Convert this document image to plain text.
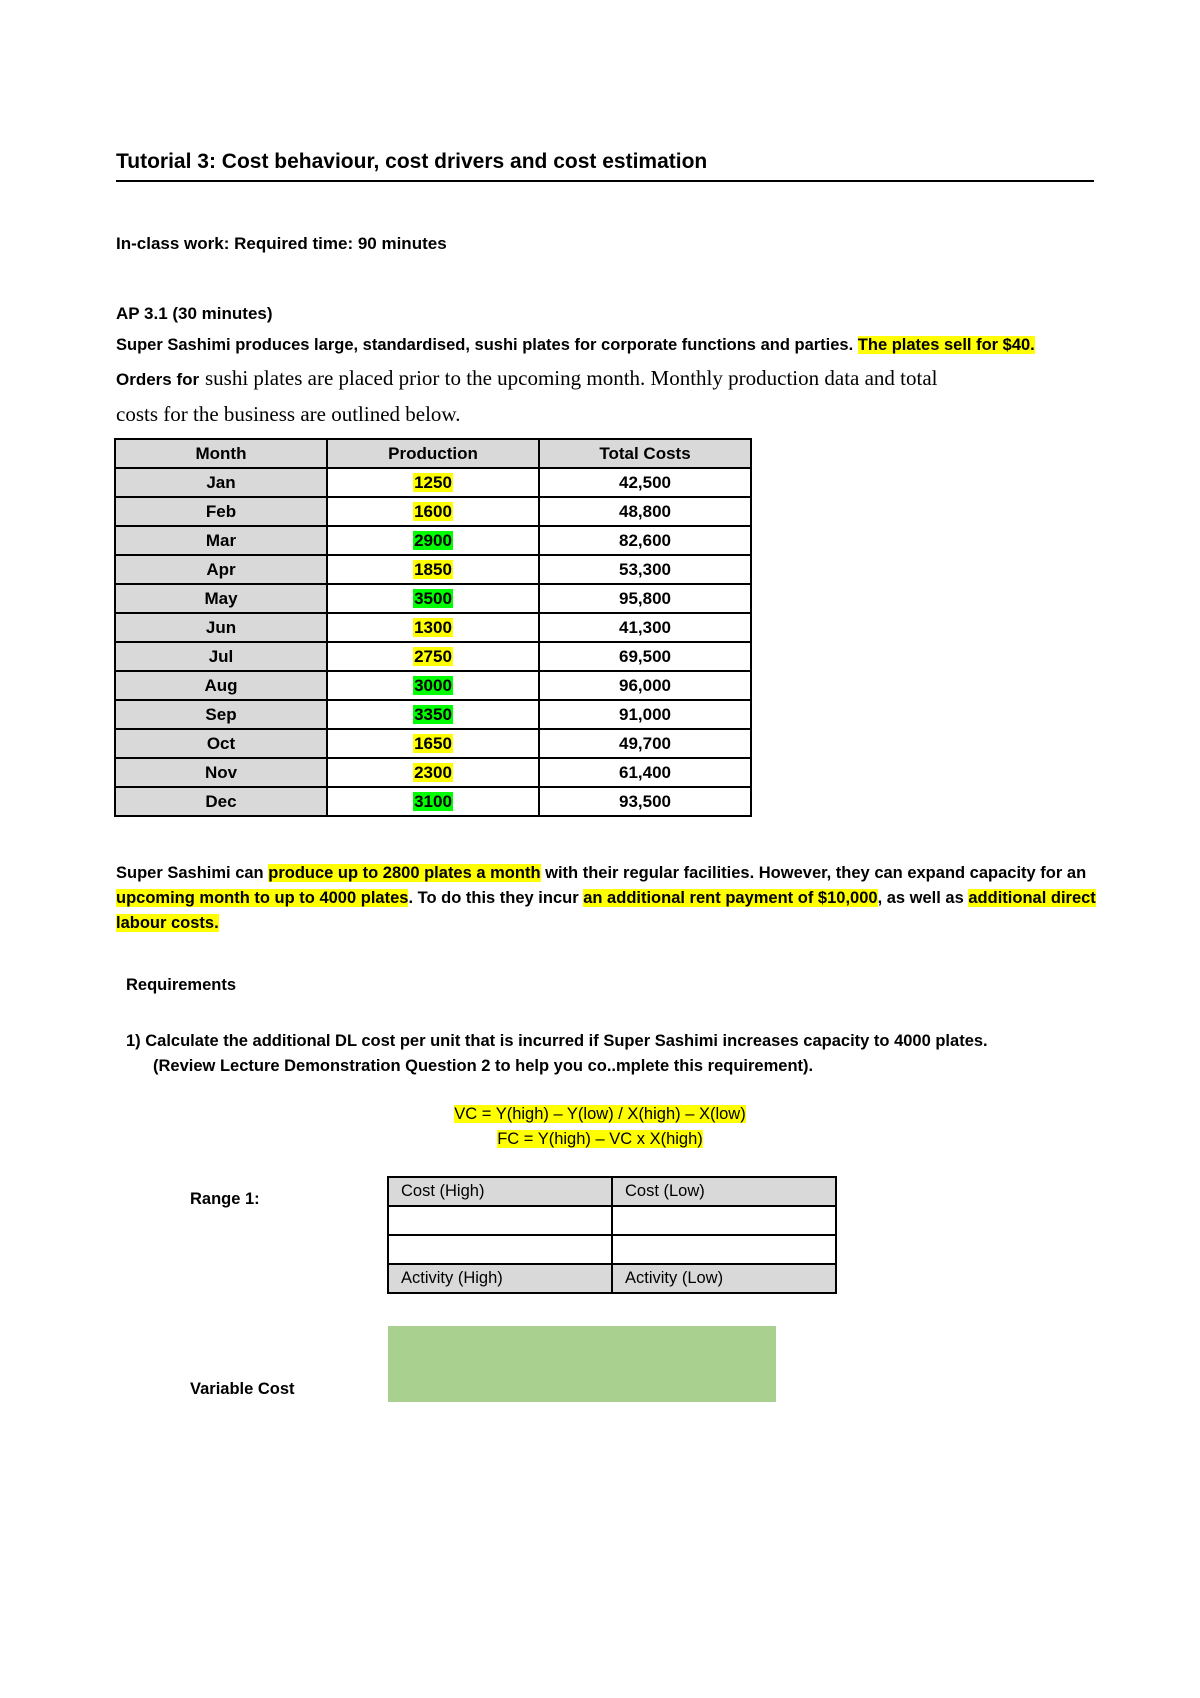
Tutorial 3: Cost behaviour, cost drivers and cost estimation
In-class work: Required time: 90 minutes
AP 3.1 (30 minutes)
Super Sashimi produces large, standardised, sushi plates for corporate functions and parties. The plates sell for $40.
Orders for sushi plates are placed prior to the upcoming month. Monthly production data and total
costs for the business are outlined below.
Month	Production	Total Costs
Jan	1250	42,500
Feb	1600	48,800
Mar	2900	82,600
Apr	1850	53,300
May	3500	95,800
Jun	1300	41,300
Jul	2750	69,500
Aug	3000	96,000
Sep	3350	91,000
Oct	1650	49,700
Nov	2300	61,400
Dec	3100	93,500
Super Sashimi can produce up to 2800 plates a month with their regular facilities. However, they can expand capacity for an upcoming month to up to 4000 plates. To do this they incur an additional rent payment of $10,000, as well as additional direct labour costs.
Requirements
1) Calculate the additional DL cost per unit that is incurred if Super Sashimi increases capacity to 4000 plates.
(Review Lecture Demonstration Question 2 to help you co..mplete this requirement).
VC = Y(high) – Y(low) / X(high) – X(low)
FC = Y(high) – VC x X(high)
Range 1:	Cost (High)	Cost (Low)

Activity (High)	Activity (Low)
Variable Cost
